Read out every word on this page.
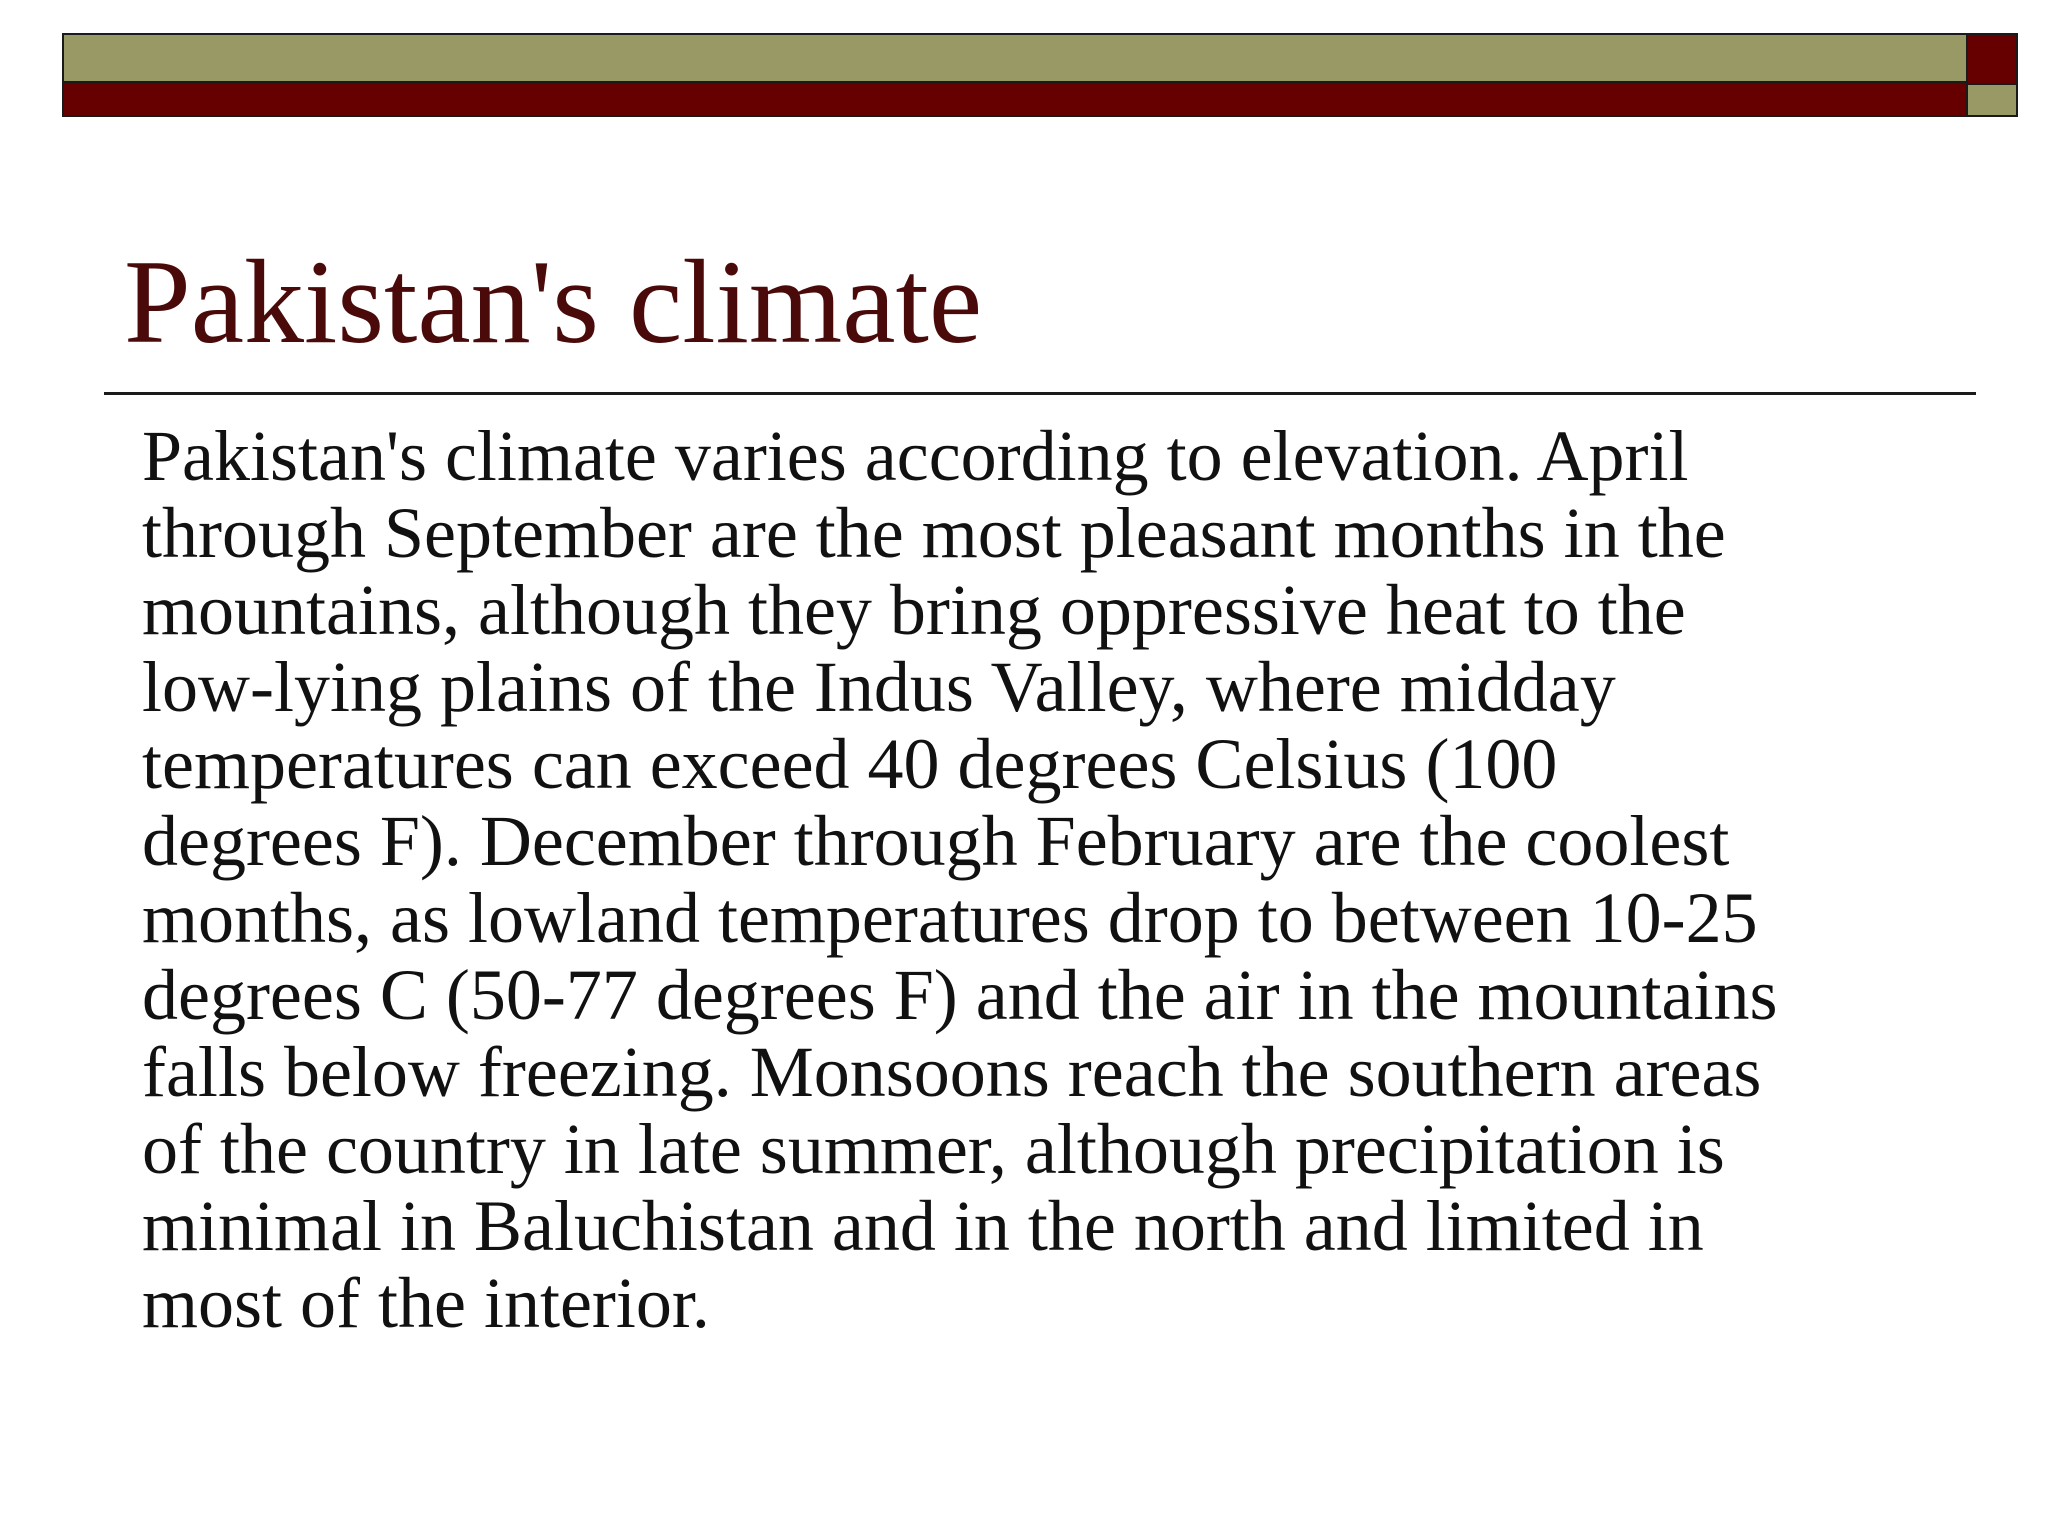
Pakistan's climate

Pakistan's climate varies according to elevation. April
through September are the most pleasant months in the
mountains, although they bring oppressive heat to the
low-lying plains of the Indus Valley, where midday
temperatures can exceed 40 degrees Celsius (100
degrees F). December through February are the coolest
months, as lowland temperatures drop to between 10-25
degrees C (50-77 degrees F) and the air in the mountains
falls below freezing. Monsoons reach the southern areas
of the country in late summer, although precipitation is
minimal in Baluchistan and in the north and limited in
most of the interior.
